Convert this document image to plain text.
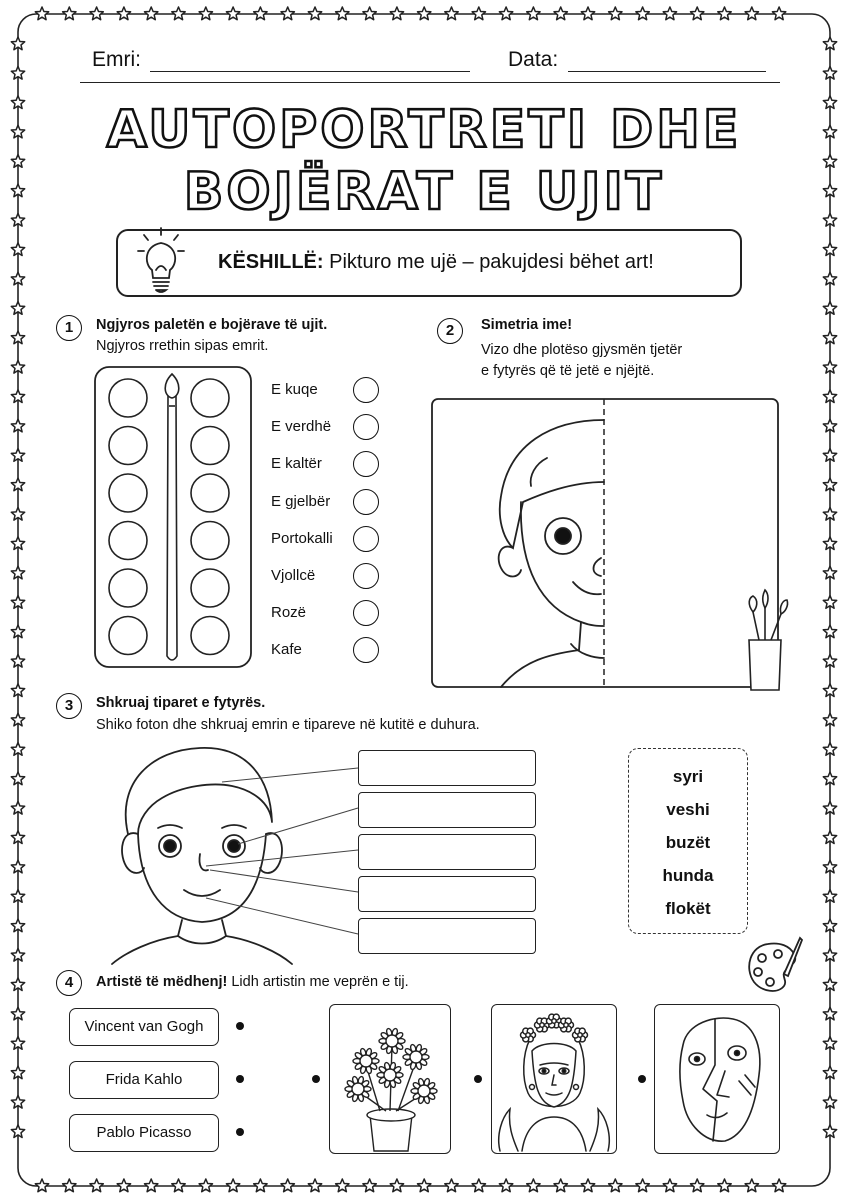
Emri:	Data:
AUTOPORTRETI DHE
BOJËRAT E UJIT
KËSHILLË: Pikturo me ujë – pakujdesi bëhet art!
1	Ngjyros paletën e bojërave të ujit.
Ngjyros rrethin sipas emrit.
E kuqe
E verdhë
E kaltër
E gjelbër
Portokalli
Vjollcë
Rozë
Kafe
2	Simetria ime!
Vizo dhe plotëso gjysmën tjetër
e fytyrës që të jetë e njëjtë.
3	Shkruaj tiparet e fytyrës.
Shiko foton dhe shkruaj emrin e tipareve në kutitë e duhura.
syri
veshi
buzët
hunda
flokët
4	Artistë të mëdhenj! Lidh artistin me veprën e tij.
Vincent van Gogh
Frida Kahlo
Pablo Picasso
